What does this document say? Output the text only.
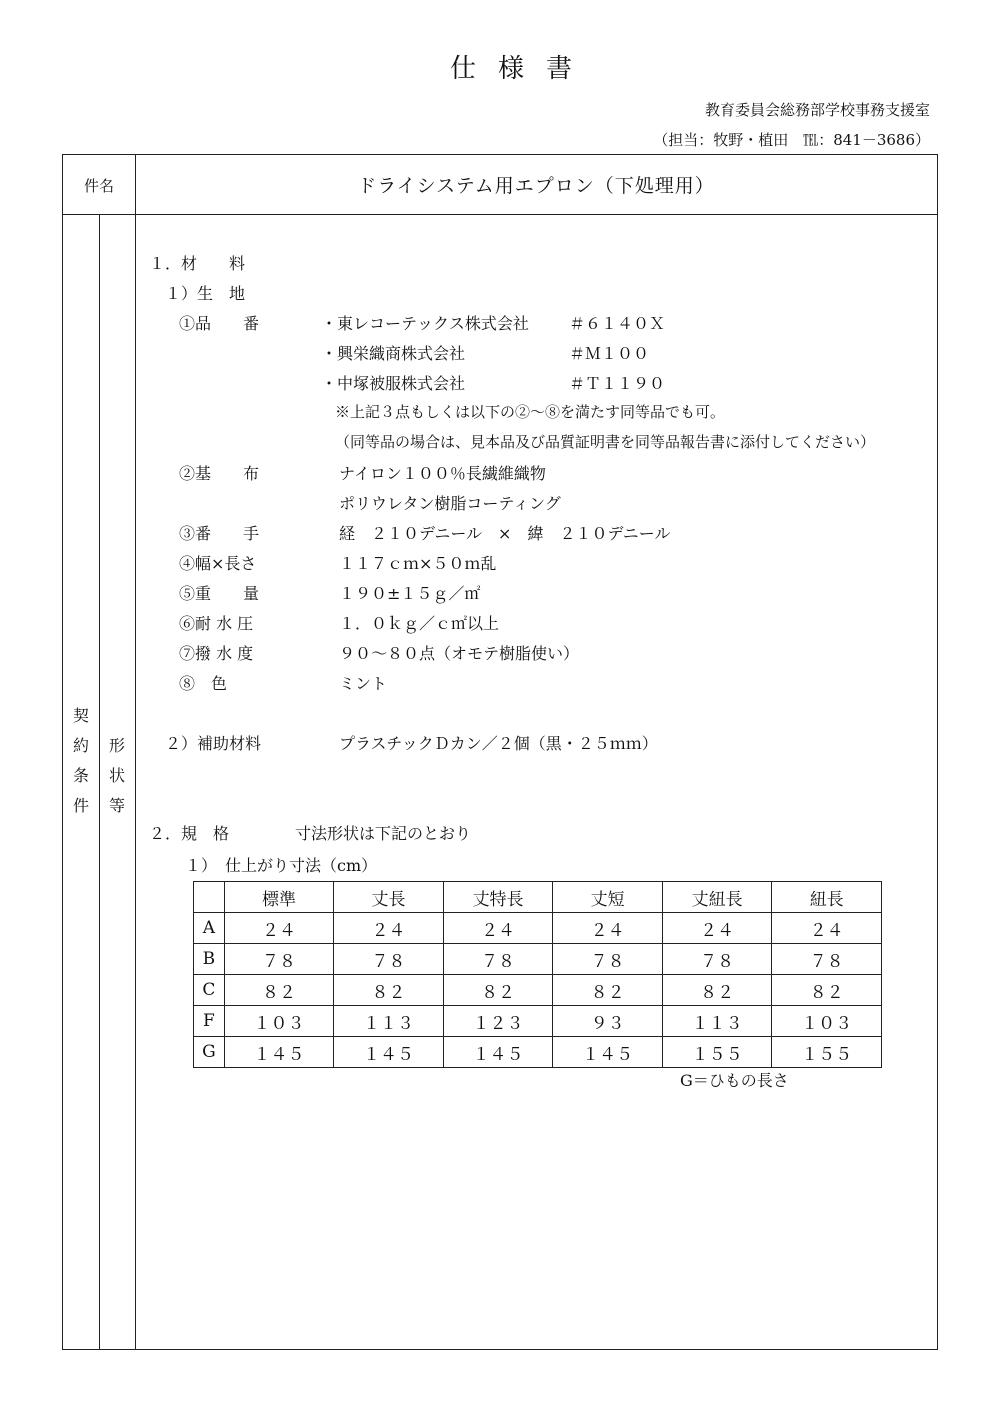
仕様書
教育委員会総務部学校事務支援室
（担当：牧野・植田　℡：841－3686）
件名	ドライシステム用エプロン（下処理用）
契
約
条
件
形
状
等
１．材　　料
１）生　地
①品　　番	・東レコーテックス株式会社	＃６１４０Ｘ
・興栄織商株式会社	＃Ｍ１００
・中塚被服株式会社	＃Ｔ１１９０
※上記３点もしくは以下の②～⑧を満たす同等品でも可。
（同等品の場合は、見本品及び品質証明書を同等品報告書に添付してください）
②基　　布	ナイロン１００％長繊維織物
ポリウレタン樹脂コーティング
③番　　手	経　２１０デニール　×　緯　２１０デニール
④幅×長さ	１１７ｃｍ×５０ｍ乱
⑤重　　量	１９０±１５ｇ／㎡
⑥耐 水 圧	１．０ｋｇ／ｃ㎡以上
⑦撥 水 度	９０～８０点（オモテ樹脂使い）
⑧　色	ミント
２）補助材料	プラスチックＤカン／２個（黒・２５ｍｍ）
２．規　格	寸法形状は下記のとおり
１）　仕上がり寸法（cm）
	標準	丈長	丈特長	丈短	丈紐長	紐長
A	２４	２４	２４	２４	２４	２４
B	７８	７８	７８	７８	７８	７８
C	８２	８２	８２	８２	８２	８２
F	１０３	１１３	１２３	９３	１１３	１０３
G	１４５	１４５	１４５	１４５	１５５	１５５
G＝ひもの長さ
